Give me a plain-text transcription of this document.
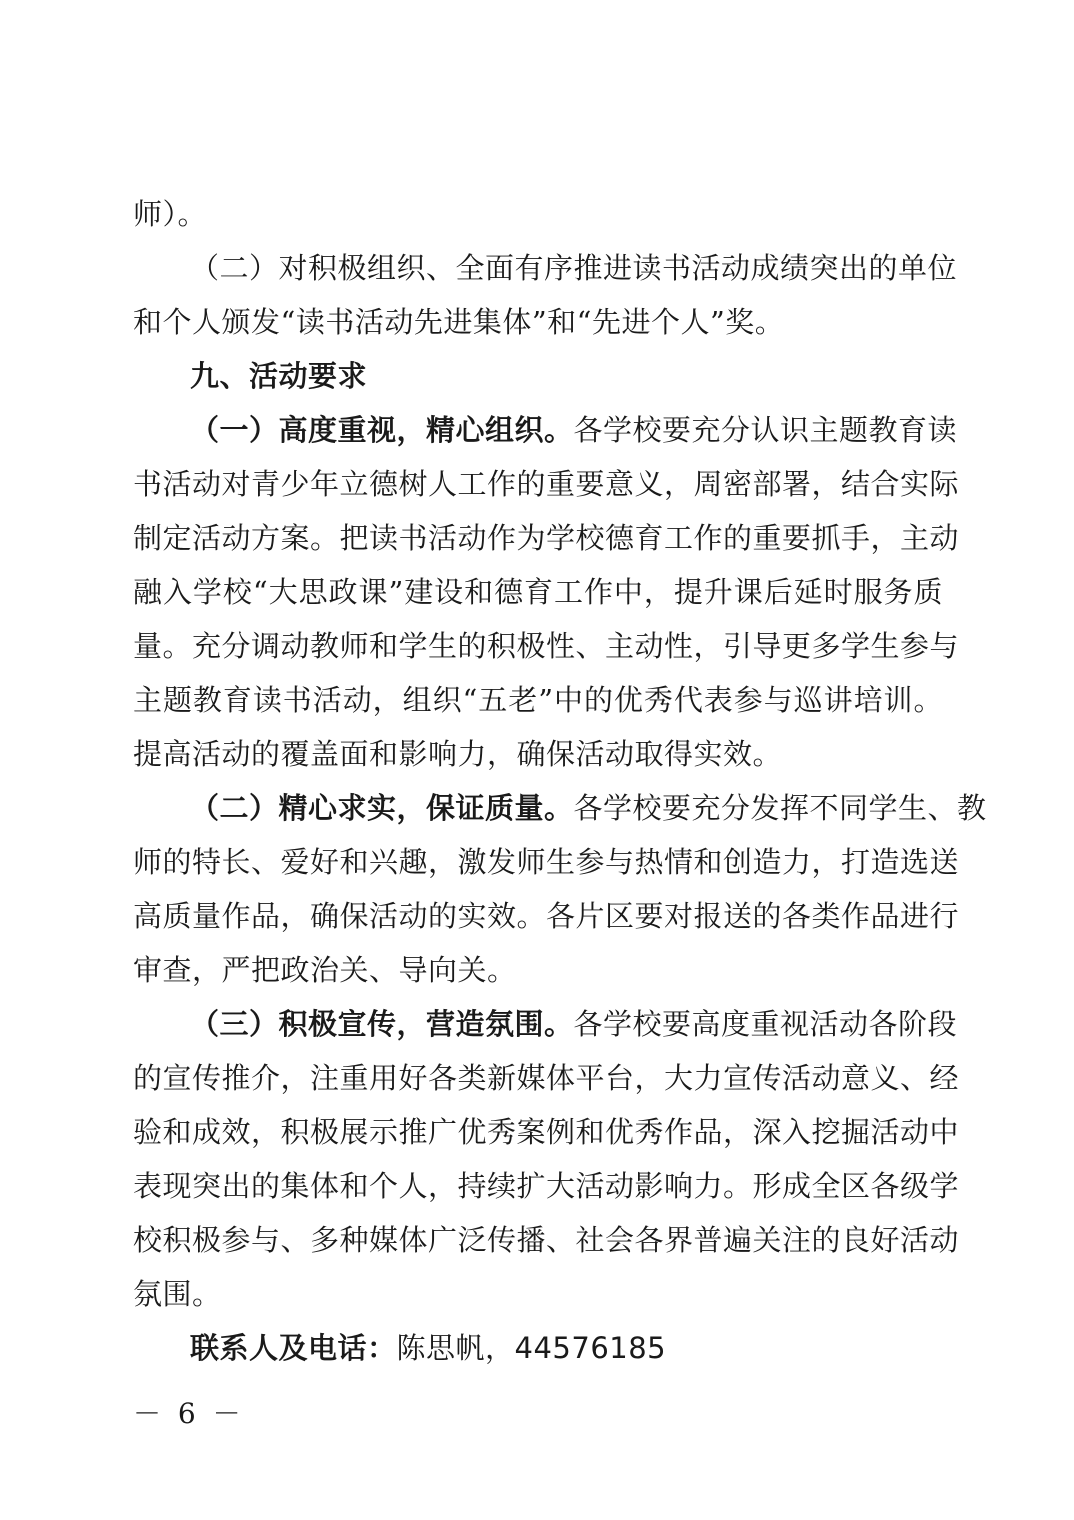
师）。
（二）对积极组织、全面有序推进读书活动成绩突出的单位
和个人颁发“读书活动先进集体”和“先进个人”奖。
九、活动要求
（一）高度重视，精心组织。各学校要充分认识主题教育读
书活动对青少年立德树人工作的重要意义，周密部署，结合实际
制定活动方案。把读书活动作为学校德育工作的重要抓手，主动
融入学校“大思政课”建设和德育工作中，提升课后延时服务质
量。充分调动教师和学生的积极性、主动性，引导更多学生参与
主题教育读书活动，组织“五老”中的优秀代表参与巡讲培训。
提高活动的覆盖面和影响力，确保活动取得实效。
（二）精心求实，保证质量。各学校要充分发挥不同学生、教
师的特长、爱好和兴趣，激发师生参与热情和创造力，打造选送
高质量作品，确保活动的实效。各片区要对报送的各类作品进行
审查，严把政治关、导向关。
（三）积极宣传，营造氛围。各学校要高度重视活动各阶段
的宣传推介，注重用好各类新媒体平台，大力宣传活动意义、经
验和成效，积极展示推广优秀案例和优秀作品，深入挖掘活动中
表现突出的集体和个人，持续扩大活动影响力。形成全区各级学
校积极参与、多种媒体广泛传播、社会各界普遍关注的良好活动
氛围。
联系人及电话：陈思帆，44576185
－ 6 －
